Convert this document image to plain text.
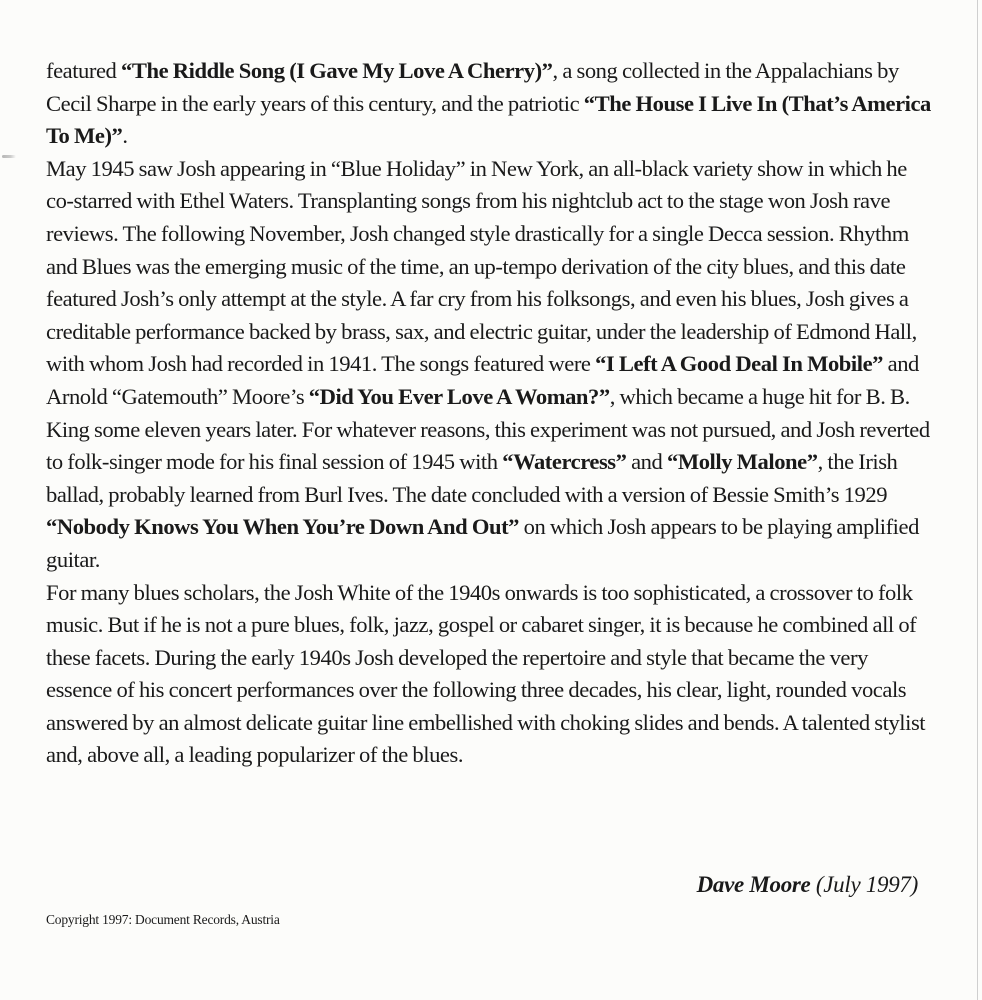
featured “The Riddle Song (I Gave My Love A Cherry)”, a song collected in the Appalachians by Cecil Sharpe in the early years of this century, and the patriotic “The House I Live In (That’s America To Me)”.

May 1945 saw Josh appearing in “Blue Holiday” in New York, an all-black variety show in which he co-starred with Ethel Waters. Transplanting songs from his nightclub act to the stage won Josh rave reviews. The following November, Josh changed style drastically for a single Decca session. Rhythm and Blues was the emerging music of the time, an up-tempo derivation of the city blues, and this date featured Josh’s only attempt at the style. A far cry from his folksongs, and even his blues, Josh gives a creditable performance backed by brass, sax, and electric guitar, under the leadership of Edmond Hall, with whom Josh had recorded in 1941. The songs featured were “I Left A Good Deal In Mobile” and Arnold “Gatemouth” Moore’s “Did You Ever Love A Woman?”, which became a huge hit for B. B. King some eleven years later. For whatever reasons, this experiment was not pursued, and Josh reverted to folk-singer mode for his final session of 1945 with “Watercress” and “Molly Malone”, the Irish ballad, probably learned from Burl Ives. The date concluded with a version of Bessie Smith’s 1929 “Nobody Knows You When You’re Down And Out” on which Josh appears to be playing amplified guitar.

For many blues scholars, the Josh White of the 1940s onwards is too sophisticated, a crossover to folk music. But if he is not a pure blues, folk, jazz, gospel or cabaret singer, it is because he combined all of these facets. During the early 1940s Josh developed the repertoire and style that became the very essence of his concert performances over the following three decades, his clear, light, rounded vocals answered by an almost delicate guitar line embellished with choking slides and bends. A talented stylist and, above all, a leading popularizer of the blues.

Dave Moore (July 1997)
Copyright 1997: Document Records, Austria
